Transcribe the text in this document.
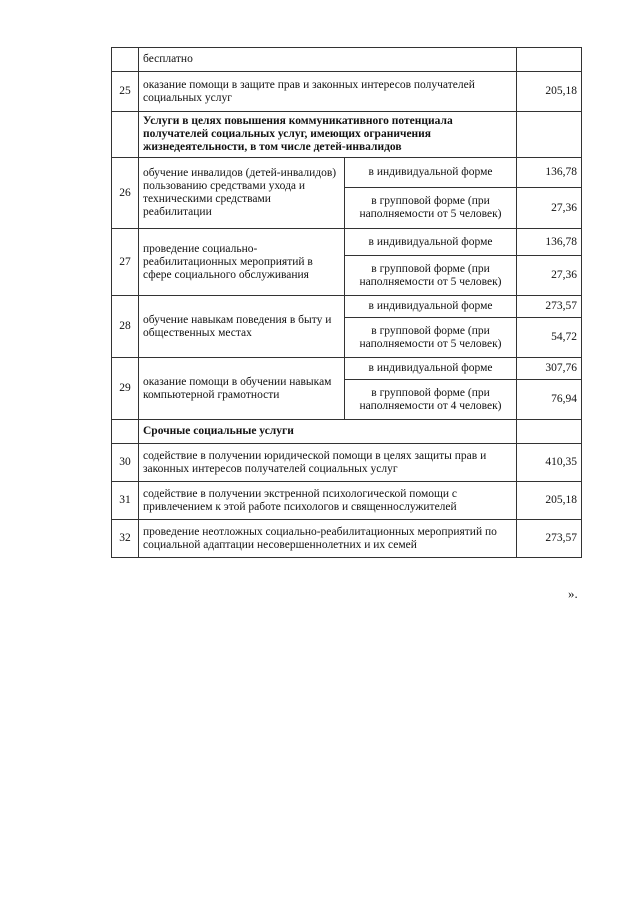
	бесплатно		
25	оказание помощи в защите прав и законных интересов получателей социальных услуг		205,18
	Услуги в целях повышения коммуникативного потенциала получателей социальных услуг, имеющих ограничения жизнедеятельности, в том числе детей-инвалидов		
26	обучение инвалидов (детей-инвалидов) пользованию средствами ухода и техническими средствами реабилитации	в индивидуальной форме	136,78
		в групповой форме (при наполняемости от 5 человек)	27,36
27	проведение социально-реабилитационных мероприятий в сфере социального обслуживания	в индивидуальной форме	136,78
		в групповой форме (при наполняемости от 5 человек)	27,36
28	обучение навыкам поведения в быту и общественных местах	в индивидуальной форме	273,57
		в групповой форме (при наполняемости от 5 человек)	54,72
29	оказание помощи в обучении навыкам компьютерной грамотности	в индивидуальной форме	307,76
		в групповой форме (при наполняемости от 4 человек)	76,94
	Срочные социальные услуги		
30	содействие в получении юридической помощи в целях защиты прав и законных интересов получателей социальных услуг		410,35
31	содействие в получении экстренной психологической помощи с привлечением к этой работе психологов и священнослужителей		205,18
32	проведение неотложных социально-реабилитационных мероприятий по социальной адаптации несовершеннолетних и их семей		273,57
».
